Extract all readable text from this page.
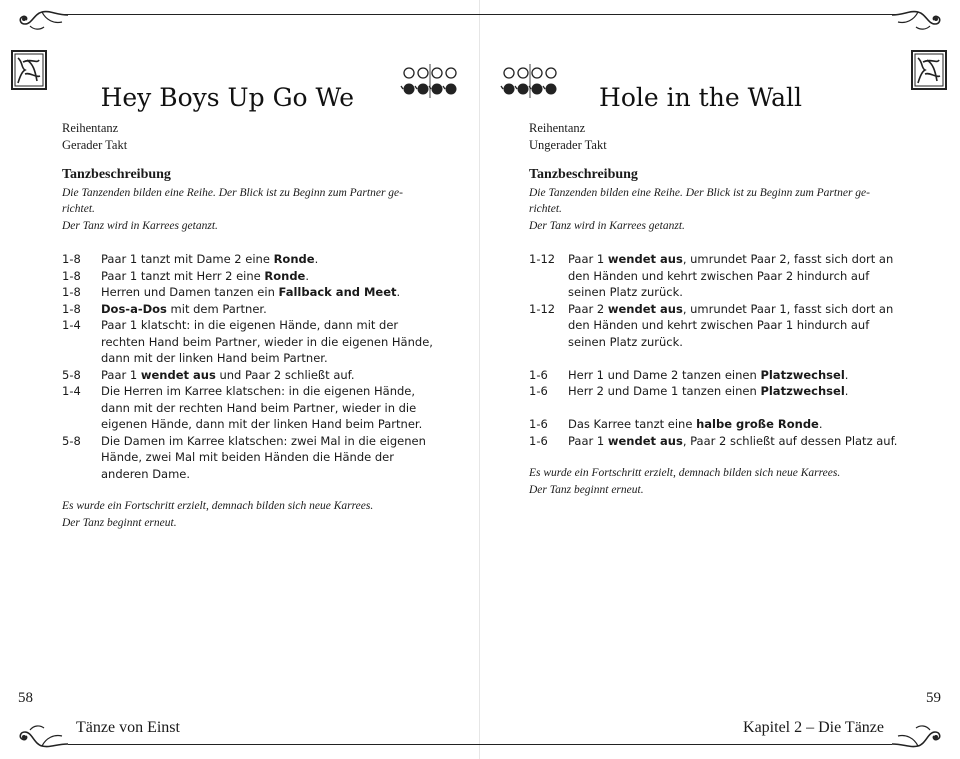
Hey Boys Up Go We
Reihentanz
Gerader Takt
Tanzbeschreibung
Die Tanzenden bilden eine Reihe. Der Blick ist zu Beginn zum Partner ge-
richtet.
Der Tanz wird in Karrees getanzt.
1-8	Paar 1 tanzt mit Dame 2 eine Ronde.
1-8	Paar 1 tanzt mit Herr 2 eine Ronde.
1-8	Herren und Damen tanzen ein Fallback and Meet.
1-8	Dos-a-Dos mit dem Partner.
1-4	Paar 1 klatscht: in die eigenen Hände, dann mit der rechten Hand beim Partner, wieder in die eigenen Hände, dann mit der linken Hand beim Partner.
5-8	Paar 1 wendet aus und Paar 2 schließt auf.
1-4	Die Herren im Karree klatschen: in die eigenen Hände, dann mit der rechten Hand beim Partner, wieder in die eigenen Hände, dann mit der linken Hand beim Partner.
5-8	Die Damen im Karree klatschen: zwei Mal in die eigenen Hände, zwei Mal mit beiden Händen die Hände der anderen Dame.
Es wurde ein Fortschritt erzielt, demnach bilden sich neue Karrees.
Der Tanz beginnt erneut.
58
Tänze von Einst
Hole in the Wall
Reihentanz
Ungerader Takt
Tanzbeschreibung
Die Tanzenden bilden eine Reihe. Der Blick ist zu Beginn zum Partner ge-
richtet.
Der Tanz wird in Karrees getanzt.
1-12	Paar 1 wendet aus, umrundet Paar 2, fasst sich dort an den Händen und kehrt zwischen Paar 2 hindurch auf seinen Platz zurück.
1-12	Paar 2 wendet aus, umrundet Paar 1, fasst sich dort an den Händen und kehrt zwischen Paar 1 hindurch auf seinen Platz zurück.
1-6	Herr 1 und Dame 2 tanzen einen Platzwechsel.
1-6	Herr 2 und Dame 1 tanzen einen Platzwechsel.
1-6	Das Karree tanzt eine halbe große Ronde.
1-6	Paar 1 wendet aus, Paar 2 schließt auf dessen Platz auf.
Es wurde ein Fortschritt erzielt, demnach bilden sich neue Karrees.
Der Tanz beginnt erneut.
59
Kapitel 2 – Die Tänze
